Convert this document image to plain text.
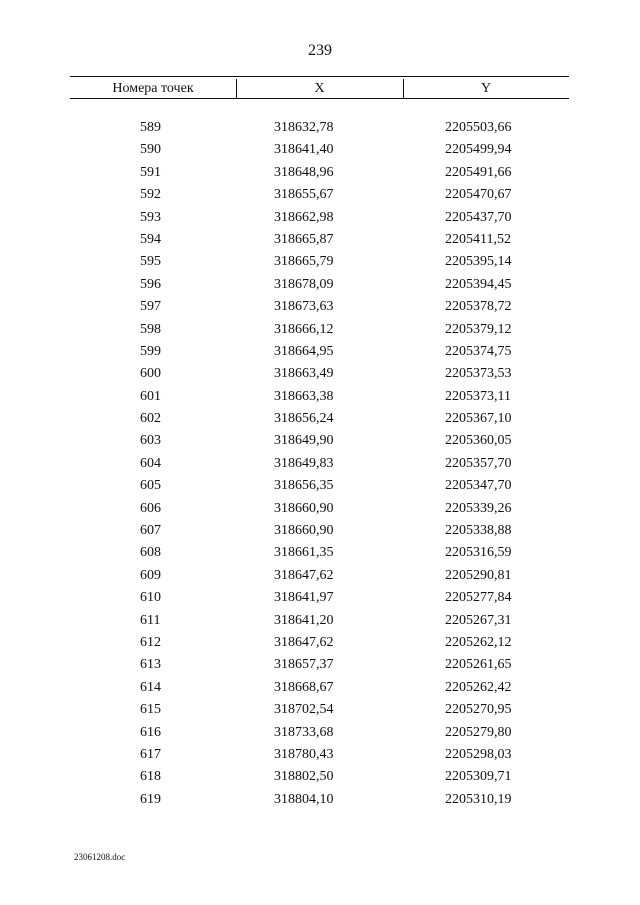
239
Номера точек	X	Y
589	318632,78	2205503,66
590	318641,40	2205499,94
591	318648,96	2205491,66
592	318655,67	2205470,67
593	318662,98	2205437,70
594	318665,87	2205411,52
595	318665,79	2205395,14
596	318678,09	2205394,45
597	318673,63	2205378,72
598	318666,12	2205379,12
599	318664,95	2205374,75
600	318663,49	2205373,53
601	318663,38	2205373,11
602	318656,24	2205367,10
603	318649,90	2205360,05
604	318649,83	2205357,70
605	318656,35	2205347,70
606	318660,90	2205339,26
607	318660,90	2205338,88
608	318661,35	2205316,59
609	318647,62	2205290,81
610	318641,97	2205277,84
611	318641,20	2205267,31
612	318647,62	2205262,12
613	318657,37	2205261,65
614	318668,67	2205262,42
615	318702,54	2205270,95
616	318733,68	2205279,80
617	318780,43	2205298,03
618	318802,50	2205309,71
619	318804,10	2205310,19
23061208.doc
